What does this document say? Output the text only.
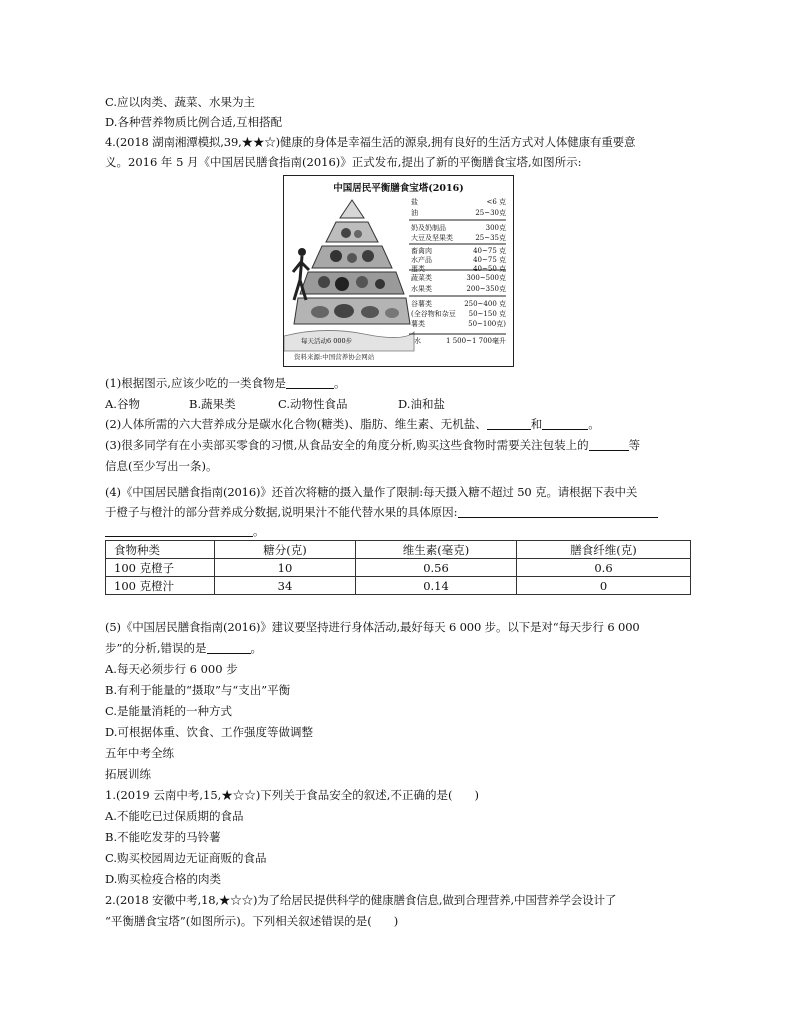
C.应以肉类、蔬菜、水果为主
D.各种营养物质比例合适,互相搭配
4.(2018 湖南湘潭模拟,39,★★☆)健康的身体是幸福生活的源泉,拥有良好的生活方式对人体健康有重要意
中国居民平衡膳食宝塔(2016)
盐	<6 克
油	25~30克
奶及奶制品	300克
大豆及坚果类	25~35克
畜禽肉	40~75 克
水产品	40~75 克
蛋类	40~50 克
蔬菜类	300~500克
水果类	200~350克
谷薯类	250~400 克
(全谷物和杂豆 50~150 克
薯类	50~100克)
水	1 500~1 700毫升
每天活动6 000步
资料来源:中国营养协会网站
(1)根据图示,应该少吃的一类食物是	。
A.谷物	B.蔬果类	C.动物性食品	D.油和盐
(2)人体所需的六大营养成分是碳水化合物(糖类)、脂肪、维生素、无机盐、	和	。
(3)很多同学有在小卖部买零食的习惯,从食品安全的角度分析,购买这些食物时需要关注包装上的	等
信息(至少写出一条)。
(4)《中国居民膳食指南(2016)》还首次将糖的摄入量作了限制:每天摄入糖不超过 50 克。请根据下表中关
于橙子与橙汁的部分营养成分数据,说明果汁不能代替水果的具体原因:
。
食物种类	糖分(克)	维生素(毫克)	膳食纤维(克)
100 克橙子	10	0.56	0.6
100 克橙汁	34	0.14	0
(5)《中国居民膳食指南(2016)》建议要坚持进行身体活动,最好每天 6 000 步。以下是对“每天步行 6 000
步”的分析,错误的是	。
A.每天必须步行 6 000 步
B.有利于能量的“摄取”与“支出”平衡
C.是能量消耗的一种方式
D.可根据体重、饮食、工作强度等做调整
五年中考全练
拓展训练
1.(2019 云南中考,15,★☆☆)下列关于食品安全的叙述,不正确的是( )
A.不能吃已过保质期的食品
B.不能吃发芽的马铃薯
C.购买校园周边无证商贩的食品
D.购买检疫合格的肉类
2.(2018 安徽中考,18,★☆☆)为了给居民提供科学的健康膳食信息,做到合理营养,中国营养学会设计了
“平衡膳食宝塔”(如图所示)。下列相关叙述错误的是( )
义。2016 年 5 月《中国居民膳食指南(2016)》正式发布,提出了新的平衡膳食宝塔,如图所示:
